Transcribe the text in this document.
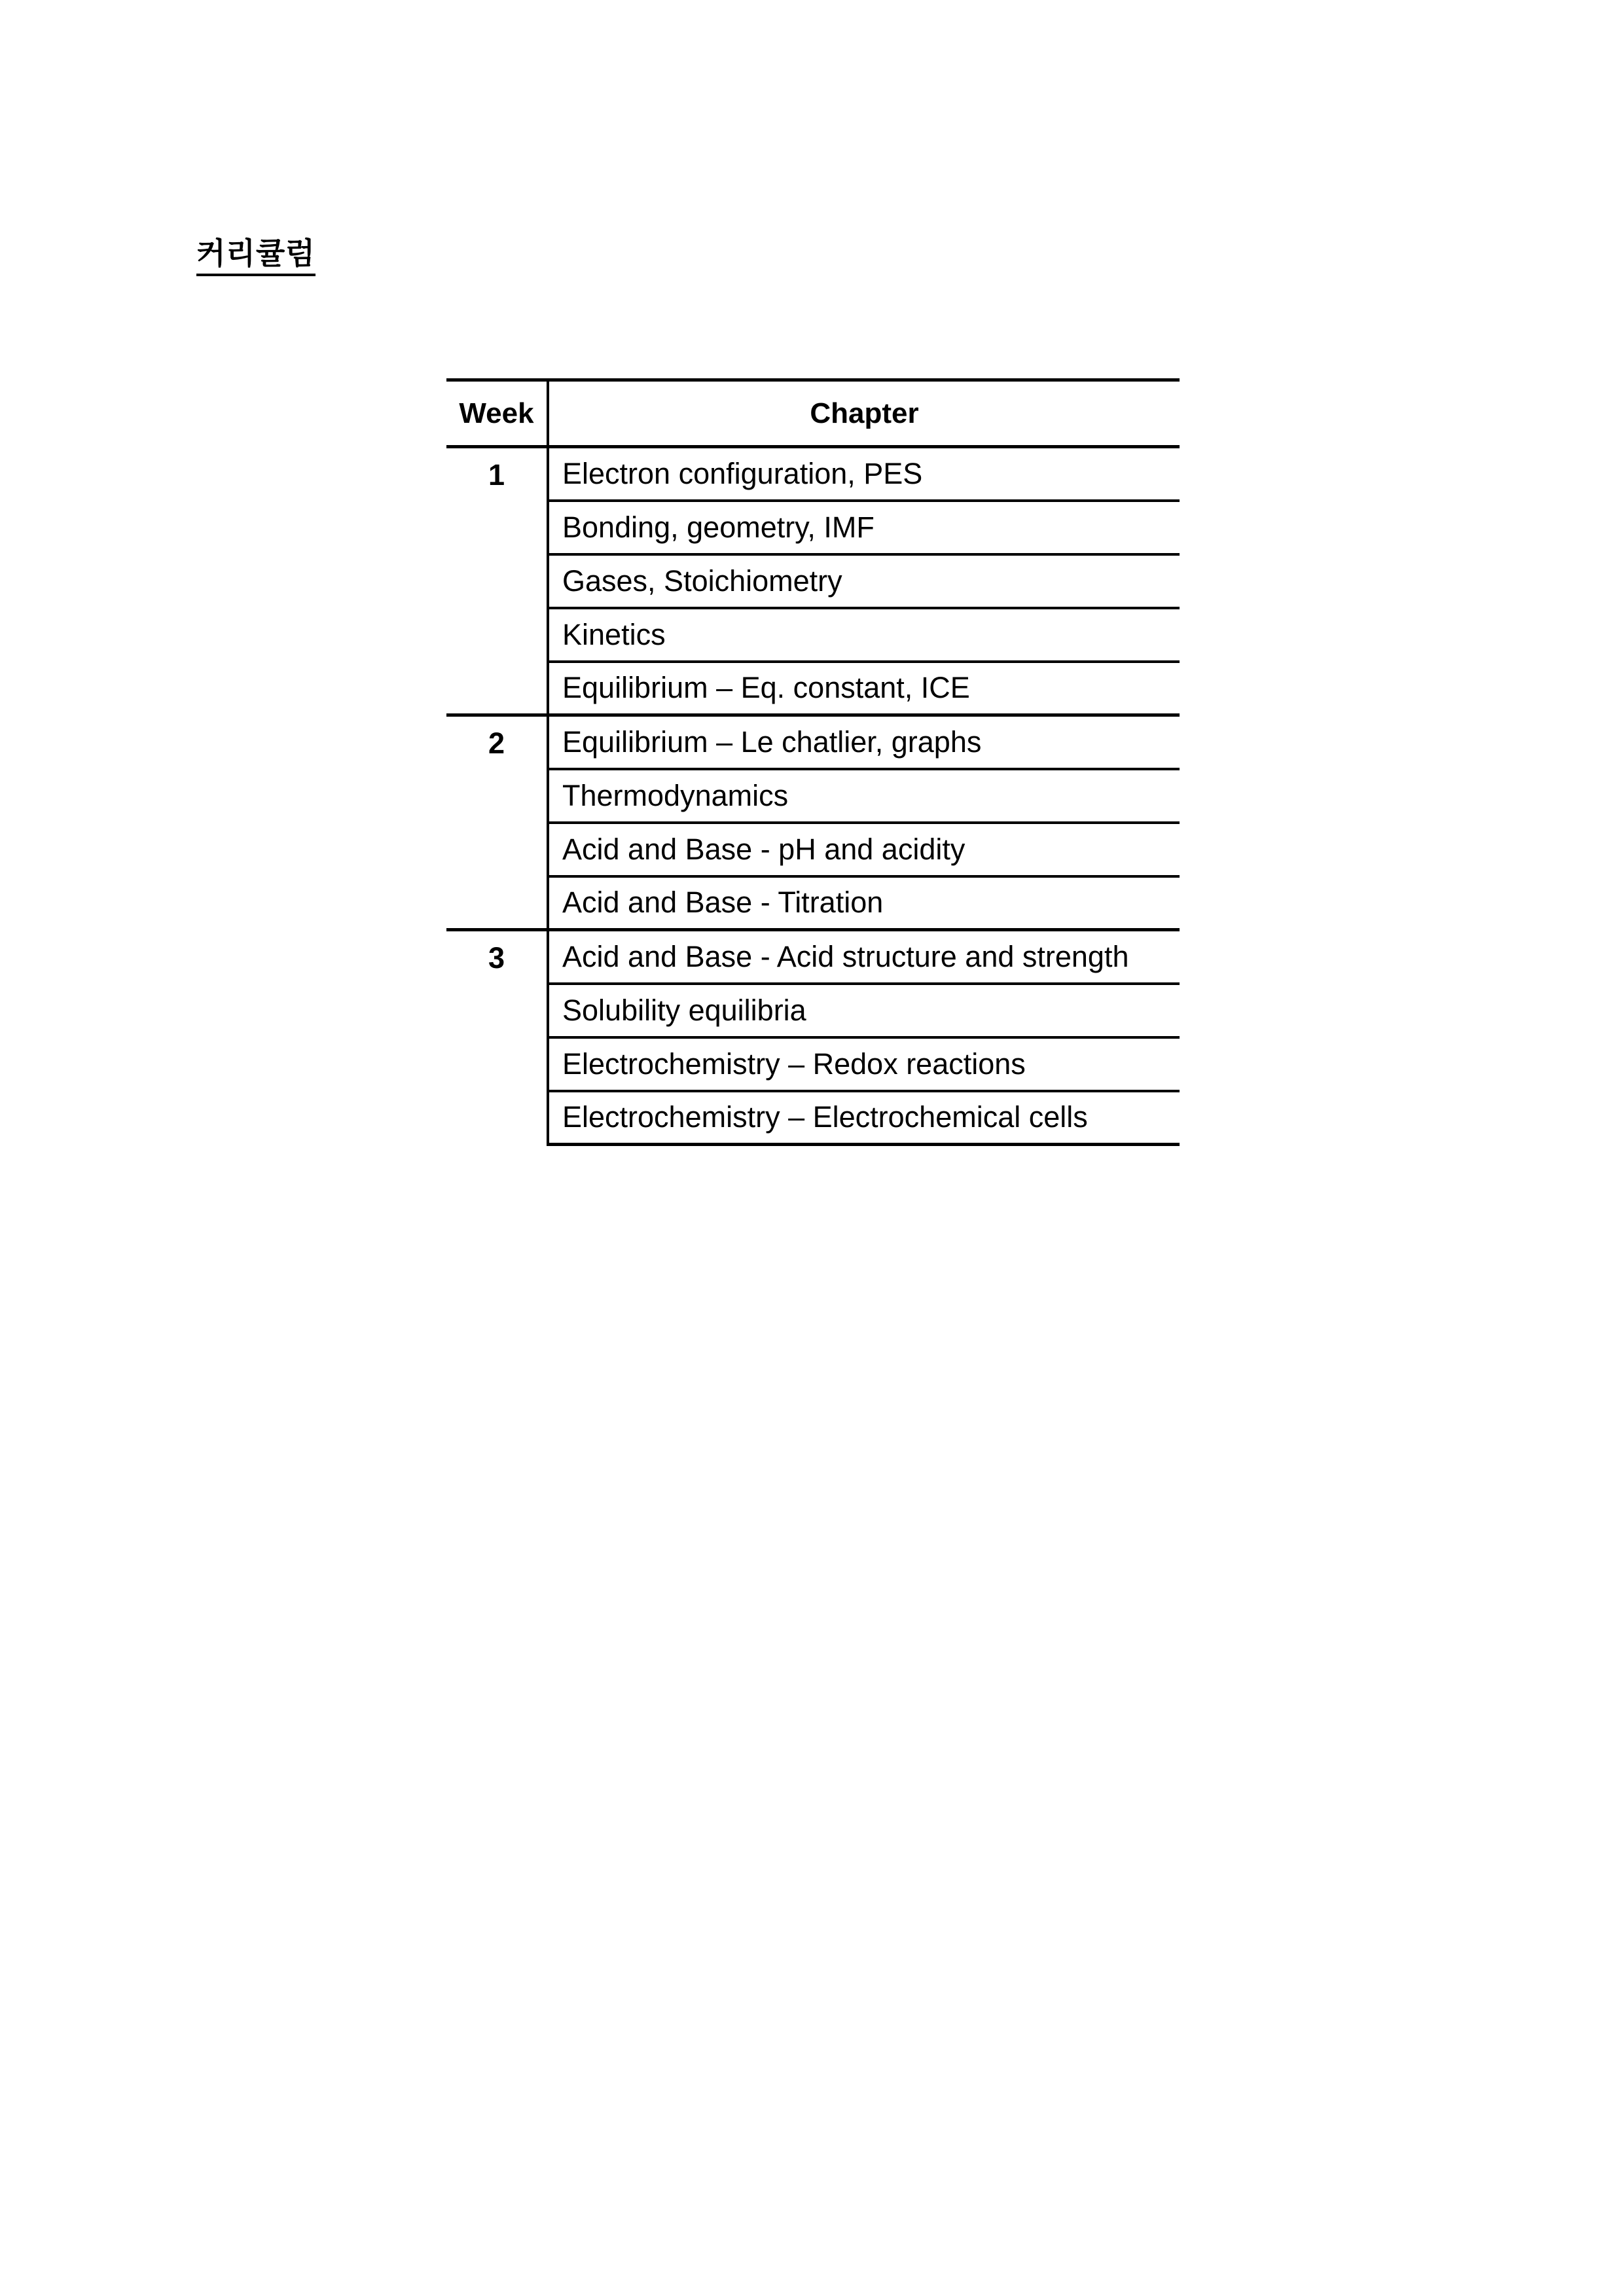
커리큘럼
Week	Chapter
1	Electron configuration, PES
	Bonding, geometry, IMF
	Gases, Stoichiometry
	Kinetics
	Equilibrium – Eq. constant, ICE
2	Equilibrium – Le chatlier, graphs
	Thermodynamics
	Acid and Base - pH and acidity
	Acid and Base - Titration
3	Acid and Base - Acid structure and strength
	Solubility equilibria
	Electrochemistry – Redox reactions
	Electrochemistry – Electrochemical cells
